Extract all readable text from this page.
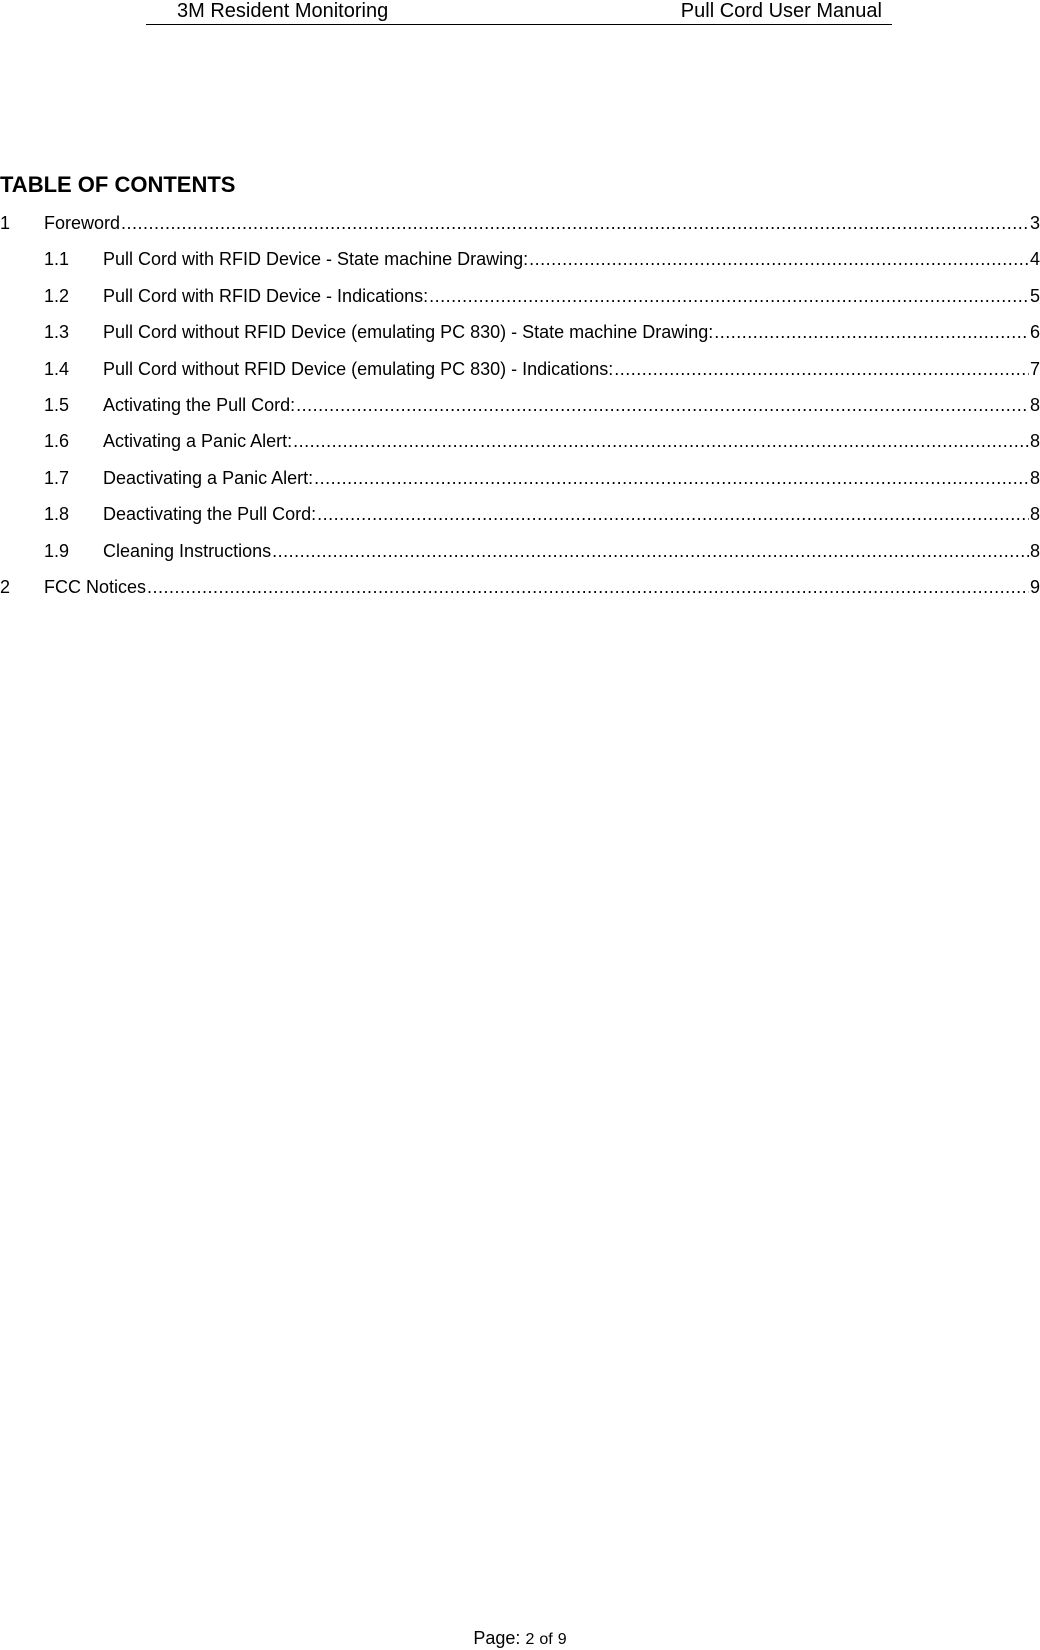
3M Resident Monitoring	Pull Cord User Manual
TABLE OF CONTENTS
1 Foreword .....	3
1.1 Pull Cord with RFID Device - State machine Drawing: .....	4
1.2 Pull Cord with RFID Device - Indications: .....	5
1.3 Pull Cord without RFID Device (emulating PC 830) - State machine Drawing: .....	6
1.4 Pull Cord without RFID Device (emulating PC 830) - Indications: .....	7
1.5 Activating the Pull Cord: .....	8
1.6 Activating a Panic Alert: .....	8
1.7 Deactivating a Panic Alert: .....	8
1.8 Deactivating the Pull Cord: .....	8
1.9 Cleaning Instructions .....	8
2 FCC Notices .....	9
Page: 2 of 9
